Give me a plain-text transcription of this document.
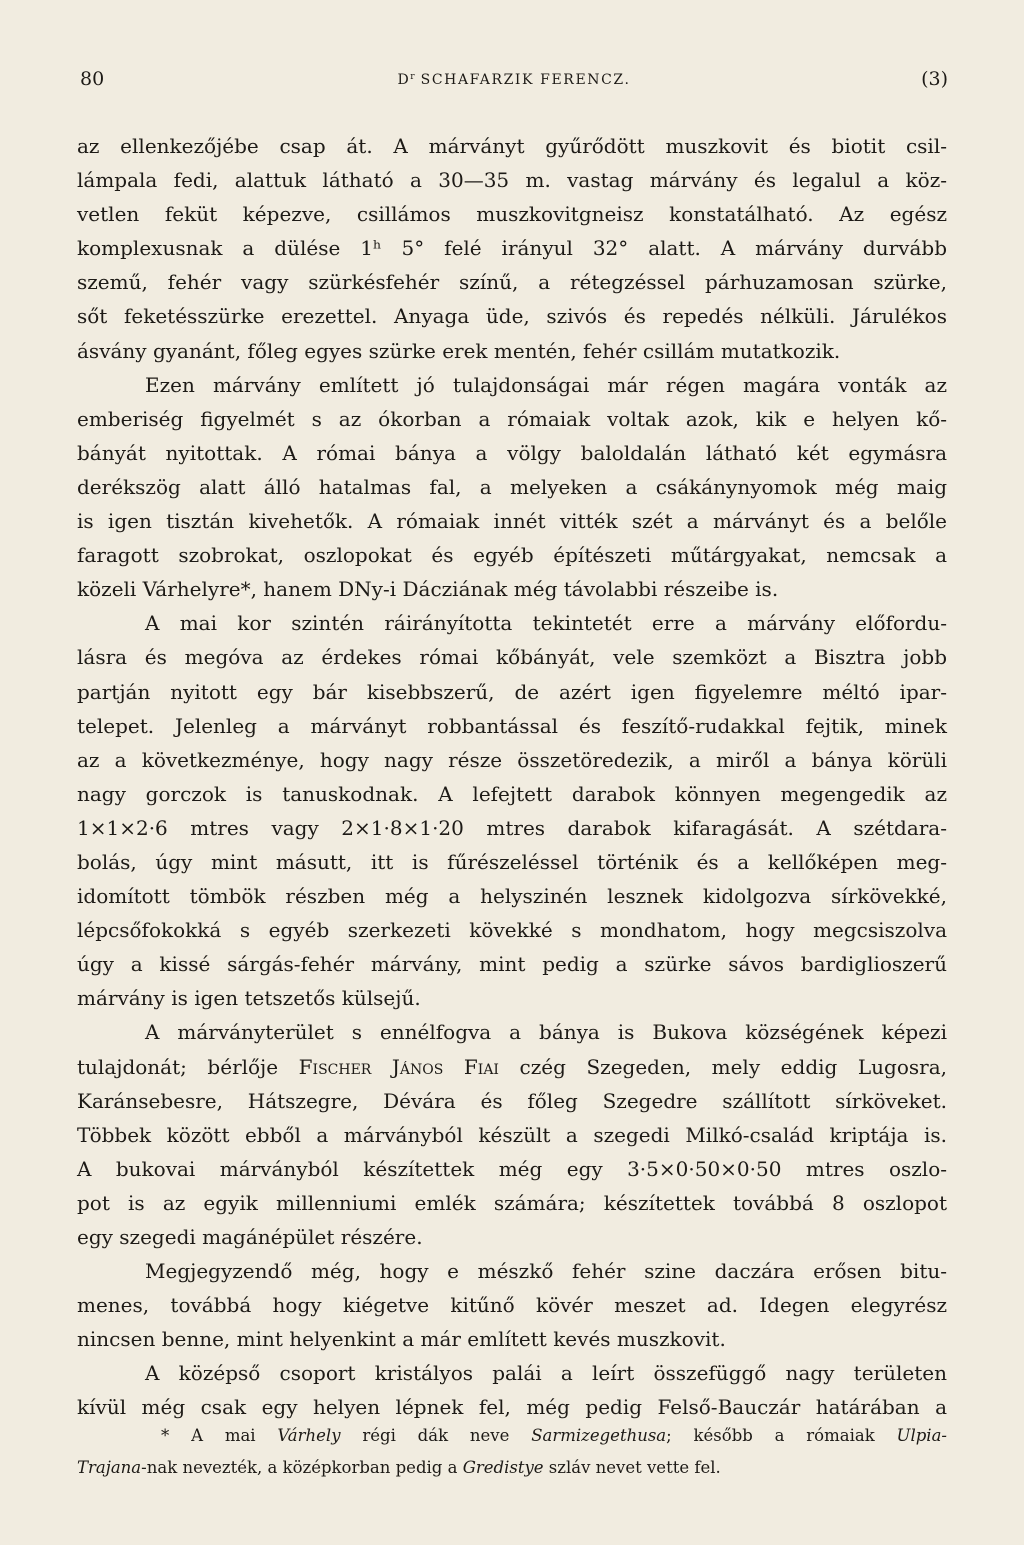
80	$D^r$ SCHAFARZIK FERENCZ.	(3)
az ellenkezőjébe csap át. A márványt gyűrődött muszkovit és biotit csil-
lámpala fedi, alattuk látható a 30—35 m. vastag márvány és legalul a köz-
vetlen feküt képezve, csillámos muszkovitgneisz konstatálható. Az egész
komplexusnak a dülése 1ʰ 5° felé irányul 32° alatt. A márvány durvább
szemű, fehér vagy szürkésfehér színű, a rétegzéssel párhuzamosan szürke,
sőt feketésszürke erezettel. Anyaga üde, szivós és repedés nélküli. Járulékos
ásvány gyanánt, főleg egyes szürke erek mentén, fehér csillám mutatkozik.
Ezen márvány említett jó tulajdonságai már régen magára vonták az
emberiség figyelmét s az ókorban a rómaiak voltak azok, kik e helyen kő-
bányát nyitottak. A római bánya a völgy baloldalán látható két egymásra
derékszög alatt álló hatalmas fal, a melyeken a csákánynyomok még maig
is igen tisztán kivehetők. A rómaiak innét vitték szét a márványt és a belőle
faragott szobrokat, oszlopokat és egyéb építészeti műtárgyakat, nemcsak a
közeli Várhelyre*, hanem DNy-i Dácziának még távolabbi részeibe is.
A mai kor szintén ráirányította tekintetét erre a márvány előfordu-
lásra és megóva az érdekes római kőbányát, vele szemközt a Bisztra jobb
partján nyitott egy bár kisebbszerű, de azért igen figyelemre méltó ipar-
telepet. Jelenleg a márványt robbantással és feszítő-rudakkal fejtik, minek
az a következménye, hogy nagy része összetöredezik, a miről a bánya körüli
nagy gorczok is tanuskodnak. A lefejtett darabok könnyen megengedik az
1×1×2·6 mtres vagy 2×1·8×1·20 mtres darabok kifaragását. A szétdara-
bolás, úgy mint másutt, itt is fűrészeléssel történik és a kellőképen meg-
idomított tömbök részben még a helyszinén lesznek kidolgozva sírkövekké,
lépcsőfokokká s egyéb szerkezeti kövekké s mondhatom, hogy megcsiszolva
úgy a kissé sárgás-fehér márvány, mint pedig a szürke sávos bardiglioszerű
márvány is igen tetszetős külsejű.
A márványterület s ennélfogva a bánya is Bukova községének képezi
tulajdonát; bérlője Fischer János Fiai czég Szegeden, mely eddig Lugosra,
Karánsebesre, Hátszegre, Dévára és főleg Szegedre szállított sírköveket.
Többek között ebből a márványból készült a szegedi Milkó-család kriptája is.
A bukovai márványból készítettek még egy 3·5×0·50×0·50 mtres oszlo-
pot is az egyik millenniumi emlék számára; készítettek továbbá 8 oszlopot
egy szegedi magánépület részére.
Megjegyzendő még, hogy e mészkő fehér szine daczára erősen bitu-
menes, továbbá hogy kiégetve kitűnő kövér meszet ad. Idegen elegyrész
nincsen benne, mint helyenkint a már említett kevés muszkovit.
A középső csoport kristályos palái a leírt összefüggő nagy területen
kívül még csak egy helyen lépnek fel, még pedig Felső-Bauczár határában a
* A mai Várhely régi dák neve Sarmizegethusa; később a rómaiak Ulpia-
Trajana-nak nevezték, a középkorban pedig a Gredistye szláv nevet vette fel.
